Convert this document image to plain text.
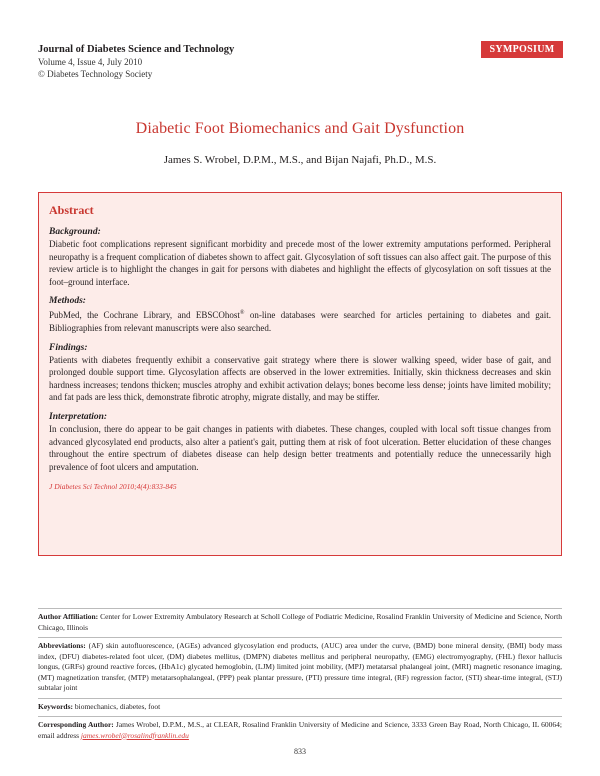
Journal of Diabetes Science and Technology
Volume 4, Issue 4, July 2010
© Diabetes Technology Society
SYMPOSIUM
Diabetic Foot Biomechanics and Gait Dysfunction
James S. Wrobel, D.P.M., M.S., and Bijan Najafi, Ph.D., M.S.
Abstract
Background:

Diabetic foot complications represent significant morbidity and precede most of the lower extremity amputations performed. Peripheral neuropathy is a frequent complication of diabetes shown to affect gait. Glycosylation of soft tissues can also affect gait. The purpose of this review article is to highlight the changes in gait for persons with diabetes and highlight the effects of glycosylation on soft tissues at the foot–ground interface.

Methods:

PubMed, the Cochrane Library, and EBSCOhost® on-line databases were searched for articles pertaining to diabetes and gait. Bibliographies from relevant manuscripts were also searched.

Findings:

Patients with diabetes frequently exhibit a conservative gait strategy where there is slower walking speed, wider base of gait, and prolonged double support time. Glycosylation affects are observed in the lower extremities. Initially, skin thickness decreases and skin hardness increases; tendons thicken; muscles atrophy and exhibit activation delays; bones become less dense; joints have limited mobility; and fat pads are less thick, demonstrate fibrotic atrophy, migrate distally, and may be stiffer.

Interpretation:

In conclusion, there do appear to be gait changes in patients with diabetes. These changes, coupled with local soft tissue changes from advanced glycosylated end products, also alter a patient's gait, putting them at risk of foot ulceration. Better elucidation of these changes throughout the entire spectrum of diabetes disease can help design better treatments and potentially reduce the unnecessarily high prevalence of foot ulcers and amputation.

J Diabetes Sci Technol 2010;4(4):833-845

Author Affiliation: Center for Lower Extremity Ambulatory Research at Scholl College of Podiatric Medicine, Rosalind Franklin University of Medicine and Science, North Chicago, Illinois

Abbreviations: (AF) skin autofluorescence, (AGEs) advanced glycosylation end products, (AUC) area under the curve, (BMD) bone mineral density, (BMI) body mass index, (DFU) diabetes-related foot ulcer, (DM) diabetes mellitus, (DMPN) diabetes mellitus and peripheral neuropathy, (EMG) electromyography, (FHL) flexor hallucis longus, (GRFs) ground reactive forces, (HbA1c) glycated hemoglobin, (LJM) limited joint mobility, (MPJ) metatarsal phalangeal joint, (MRI) magnetic resonance imaging, (MT) magnetization transfer, (MTP) metatarsophalangeal, (PPP) peak plantar pressure, (PTI) pressure time integral, (RF) regression factor, (STI) shear-time integral, (STJ) subtalar joint

Keywords: biomechanics, diabetes, foot

Corresponding Author: James Wrobel, D.P.M., M.S., at CLEAR, Rosalind Franklin University of Medicine and Science, 3333 Green Bay Road, North Chicago, IL 60064; email address james.wrobel@rosalindfranklin.edu

833
